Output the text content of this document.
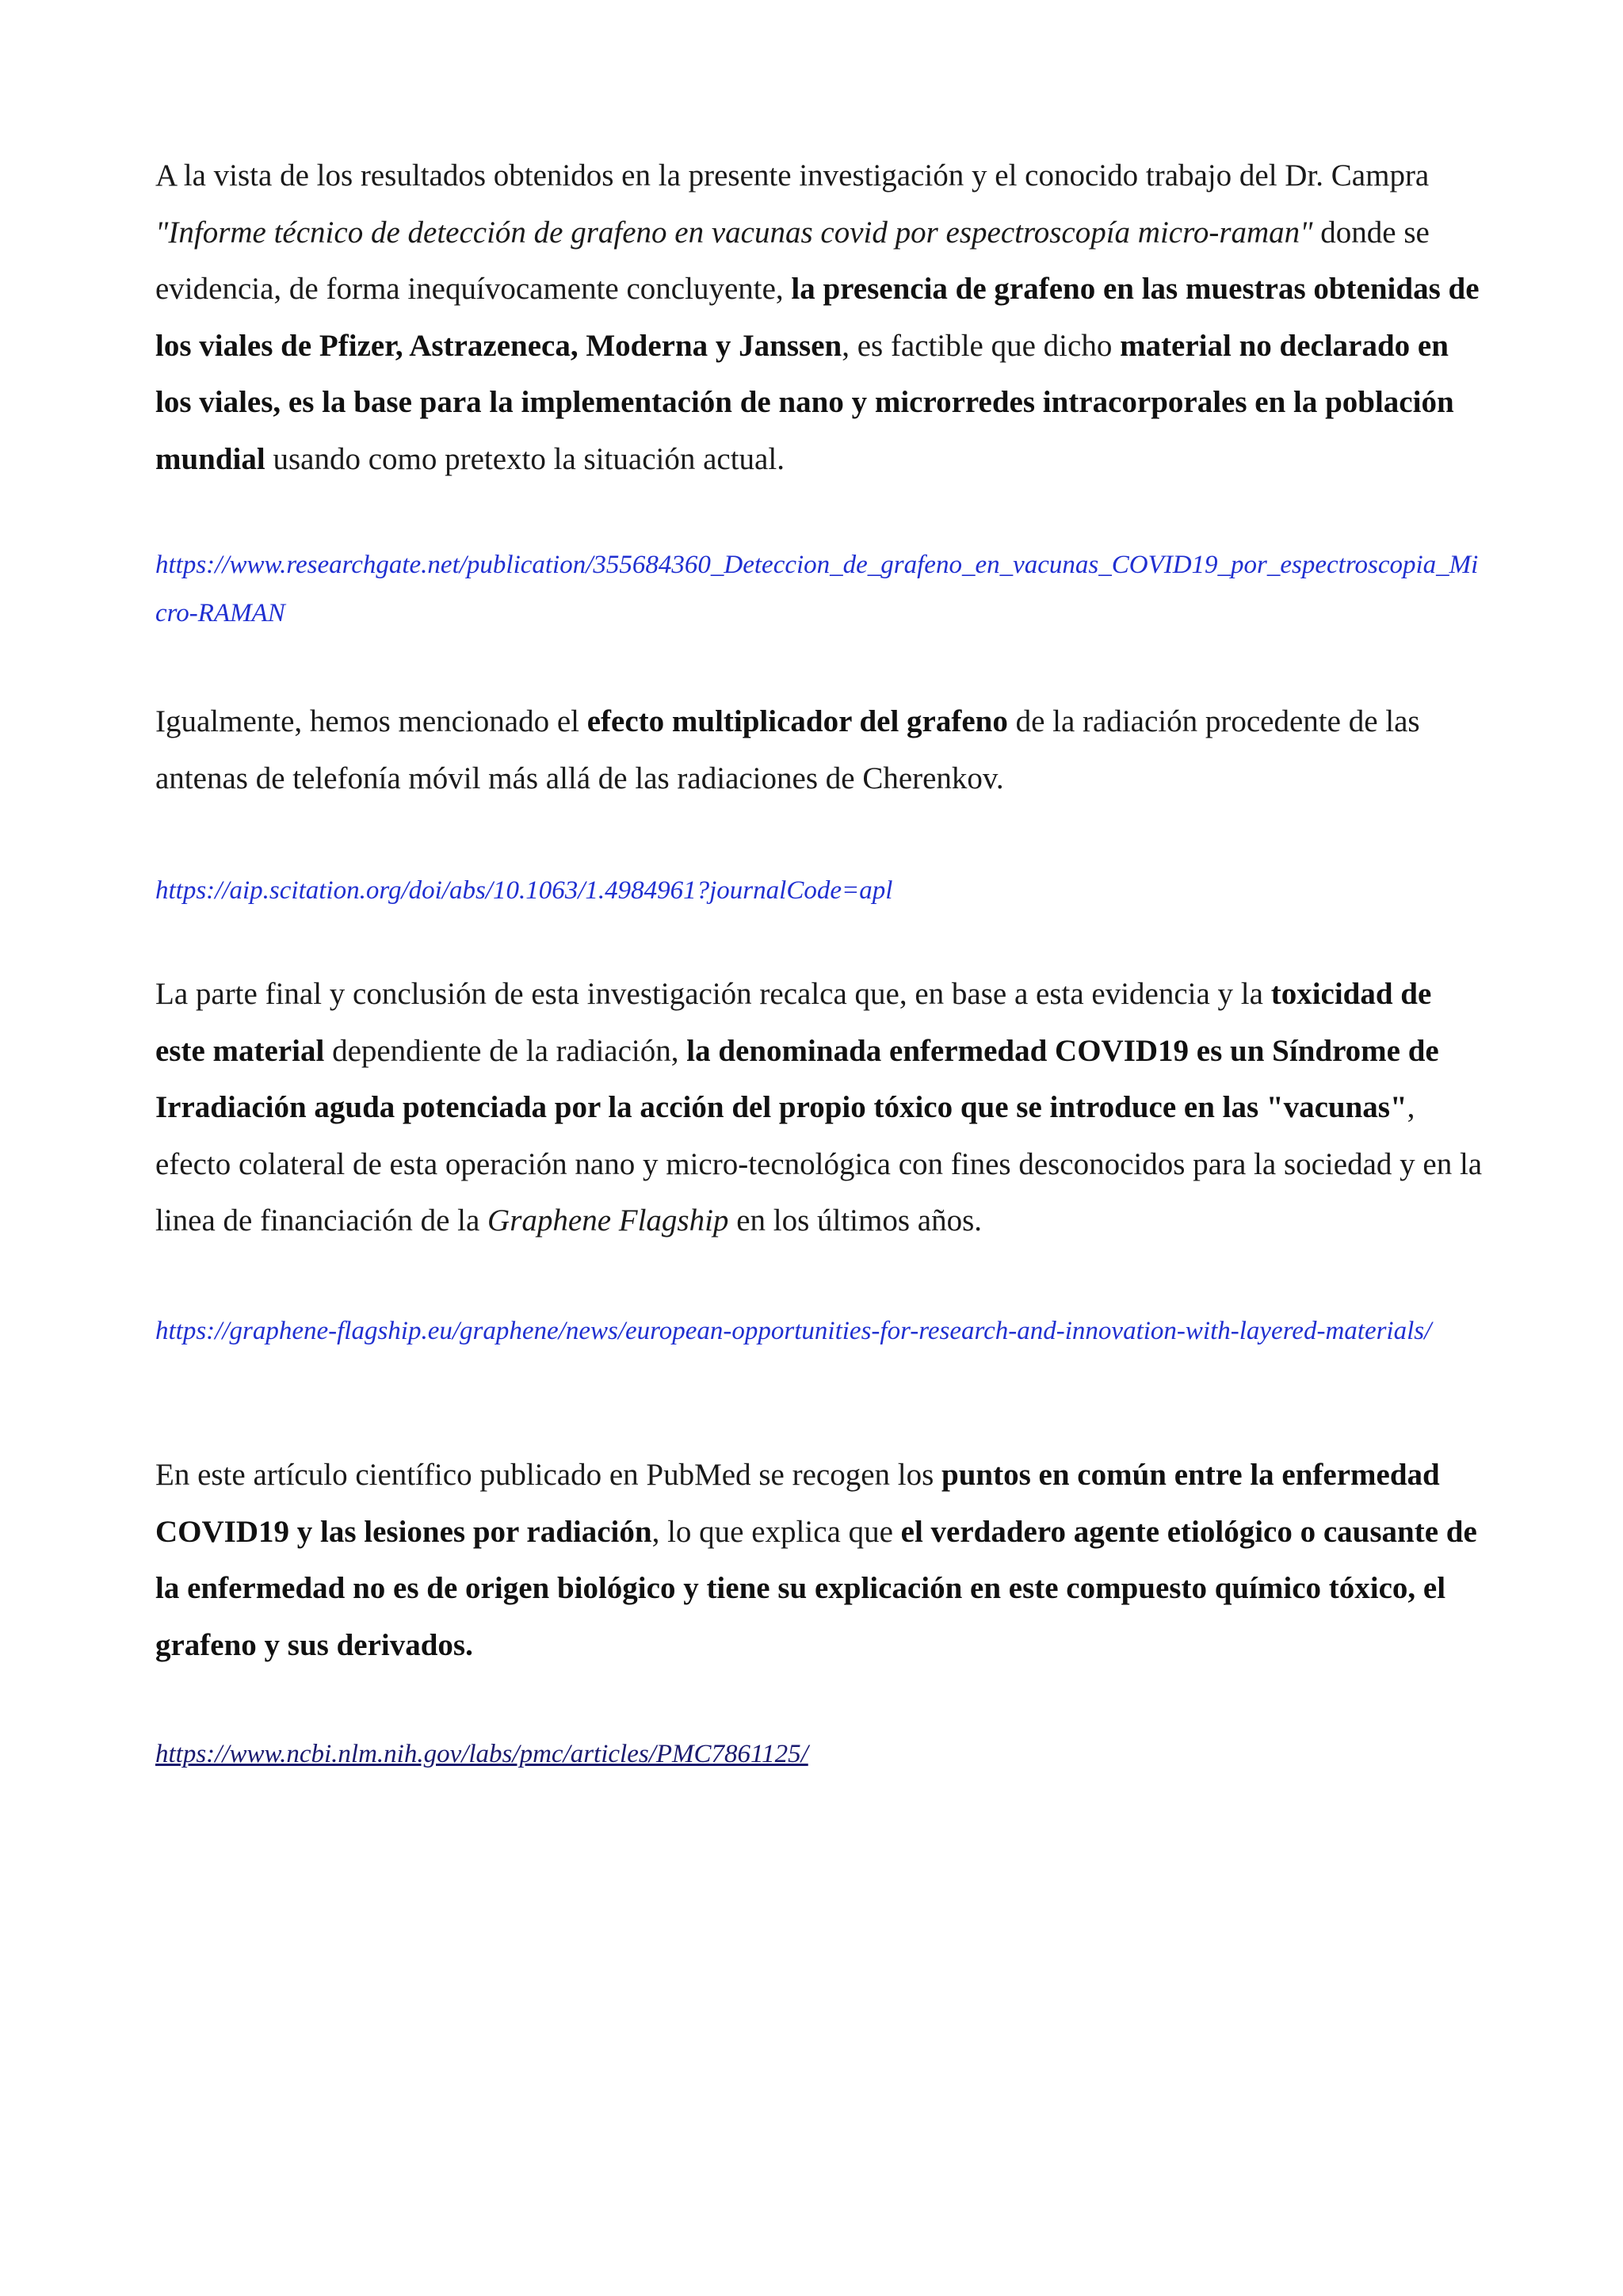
A la vista de los resultados obtenidos en la presente investigación y el conocido trabajo del Dr. Campra "Informe técnico de detección de grafeno en vacunas covid por espectroscopía micro-raman" donde se evidencia, de forma inequívocamente concluyente, la presencia de grafeno en las muestras obtenidas de los viales de Pfizer, Astrazeneca, Moderna y Janssen, es factible que dicho material no declarado en los viales, es la base para la implementación de nano y microrredes intracorporales en la población mundial usando como pretexto la situación actual.

https://www.researchgate.net/publication/355684360_Deteccion_de_grafeno_en_vacunas_COVID19_por_espectroscopia_Micro-RAMAN

Igualmente, hemos mencionado el efecto multiplicador del grafeno de la radiación procedente de las antenas de telefonía móvil más allá de las radiaciones de Cherenkov.

https://aip.scitation.org/doi/abs/10.1063/1.4984961?journalCode=apl

La parte final y conclusión de esta investigación recalca que, en base a esta evidencia y la toxicidad de este material dependiente de la radiación, la denominada enfermedad COVID19 es un Síndrome de Irradiación aguda potenciada por la acción del propio tóxico que se introduce en las "vacunas", efecto colateral de esta operación nano y micro-tecnológica con fines desconocidos para la sociedad y en la linea de financiación de la Graphene Flagship en los últimos años.

https://graphene-flagship.eu/graphene/news/european-opportunities-for-research-and-innovation-with-layered-materials/

En este artículo científico publicado en PubMed se recogen los puntos en común entre la enfermedad COVID19 y las lesiones por radiación, lo que explica que el verdadero agente etiológico o causante de la enfermedad no es de origen biológico y tiene su explicación en este compuesto químico tóxico, el grafeno y sus derivados.

https://www.ncbi.nlm.nih.gov/labs/pmc/articles/PMC7861125/
